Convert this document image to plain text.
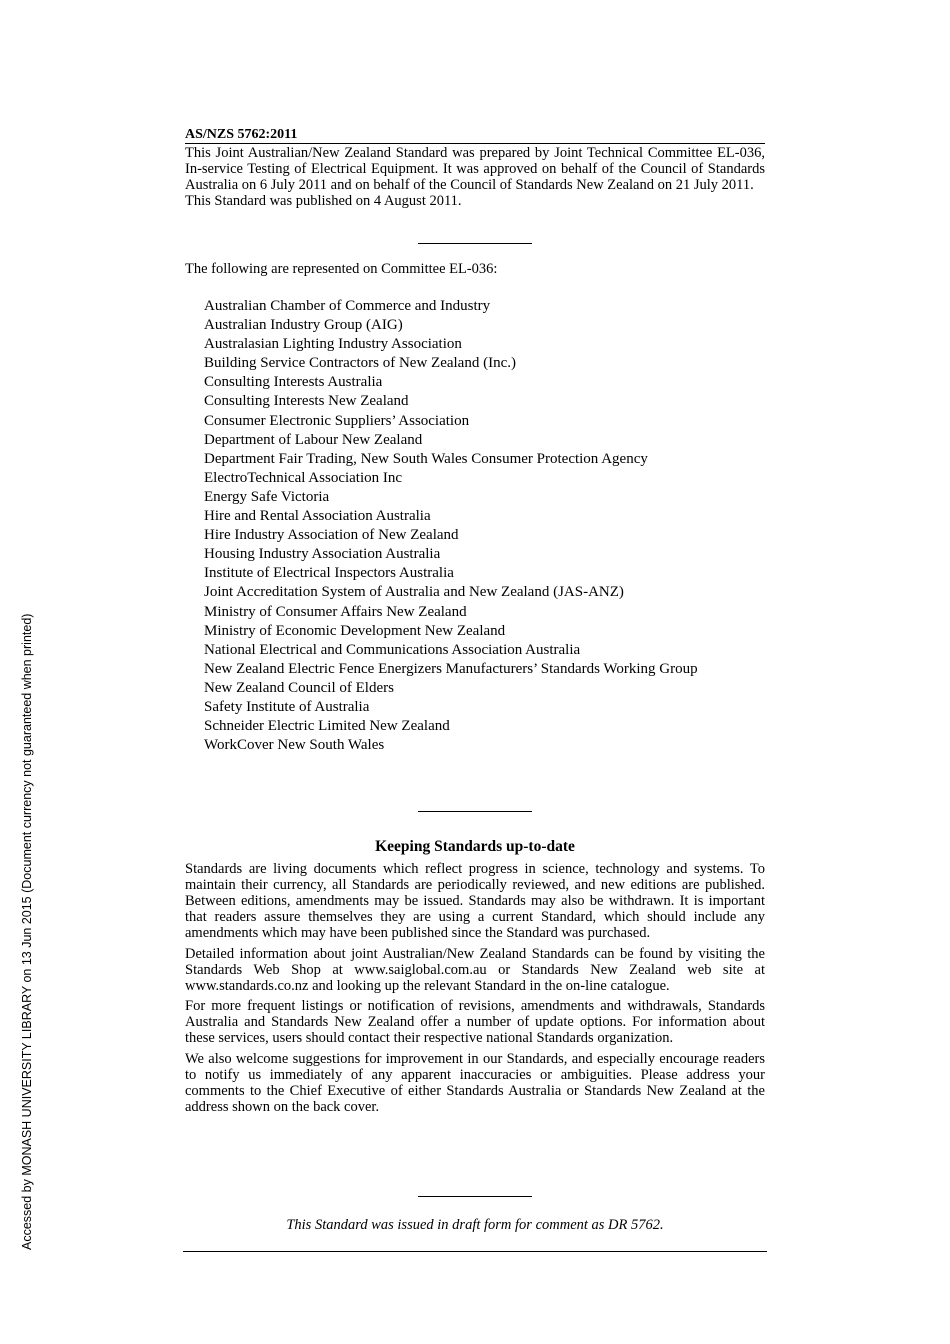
Accessed by MONASH UNIVERSITY LIBRARY on 13 Jun 2015 (Document currency not guaranteed when printed)
AS/NZS 5762:2011

This Joint Australian/New Zealand Standard was prepared by Joint Technical Committee EL-036, In-service Testing of Electrical Equipment. It was approved on behalf of the Council of Standards Australia on 6 July 2011 and on behalf of the Council of Standards New Zealand on 21 July 2011.

This Standard was published on 4 August 2011.

The following are represented on Committee EL-036:
Australian Chamber of Commerce and Industry
Australian Industry Group (AIG)
Australasian Lighting Industry Association
Building Service Contractors of New Zealand (Inc.)
Consulting Interests Australia
Consulting Interests New Zealand
Consumer Electronic Suppliers’ Association
Department of Labour New Zealand
Department Fair Trading, New South Wales Consumer Protection Agency
ElectroTechnical Association Inc
Energy Safe Victoria
Hire and Rental Association Australia
Hire Industry Association of New Zealand
Housing Industry Association Australia
Institute of Electrical Inspectors Australia
Joint Accreditation System of Australia and New Zealand (JAS-ANZ)
Ministry of Consumer Affairs New Zealand
Ministry of Economic Development New Zealand
National Electrical and Communications Association Australia
New Zealand Electric Fence Energizers Manufacturers’ Standards Working Group
New Zealand Council of Elders
Safety Institute of Australia
Schneider Electric Limited New Zealand
WorkCover New South Wales
Keeping Standards up-to-date

Standards are living documents which reflect progress in science, technology and systems. To maintain their currency, all Standards are periodically reviewed, and new editions are published. Between editions, amendments may be issued. Standards may also be withdrawn. It is important that readers assure themselves they are using a current Standard, which should include any amendments which may have been published since the Standard was purchased.

Detailed information about joint Australian/New Zealand Standards can be found by visiting the Standards Web Shop at www.saiglobal.com.au or Standards New Zealand web site at www.standards.co.nz and looking up the relevant Standard in the on-line catalogue.

For more frequent listings or notification of revisions, amendments and withdrawals, Standards Australia and Standards New Zealand offer a number of update options. For information about these services, users should contact their respective national Standards organization.

We also welcome suggestions for improvement in our Standards, and especially encourage readers to notify us immediately of any apparent inaccuracies or ambiguities. Please address your comments to the Chief Executive of either Standards Australia or Standards New Zealand at the address shown on the back cover.

This Standard was issued in draft form for comment as DR 5762.
